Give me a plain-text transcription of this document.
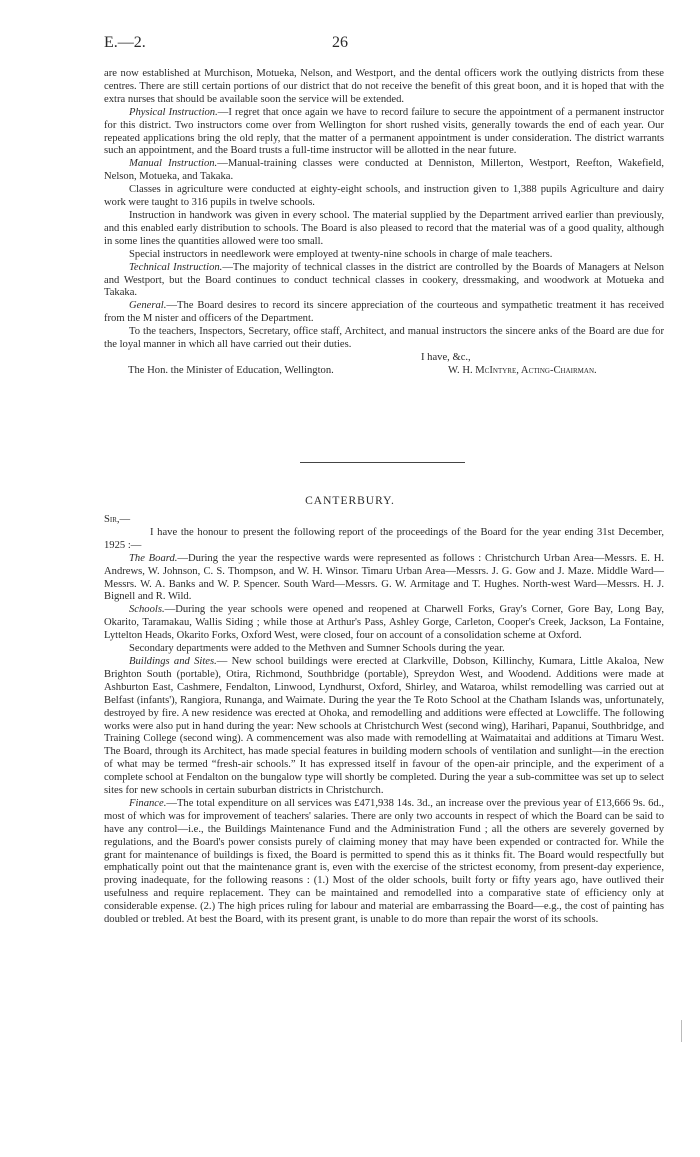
E.—2.	26

are now established at Murchison, Motueka, Nelson, and Westport, and the dental officers work the outlying districts from these centres. There are still certain portions of our district that do not receive the benefit of this great boon, and it is hoped that with the extra nurses that should be available soon the service will be extended.

Physical Instruction.—I regret that once again we have to record failure to secure the appointment of a permanent instructor for this district. Two instructors come over from Wellington for short rushed visits, generally towards the end of each year. Our repeated applications bring the old reply, that the matter of a permanent appointment is under consideration. The district warrants such an appointment, and the Board trusts a full-time instructor will be allotted in the near future.

Manual Instruction.—Manual-training classes were conducted at Denniston, Millerton, Westport, Reefton, Wakefield, Nelson, Motueka, and Takaka.

Classes in agriculture were conducted at eighty-eight schools, and instruction given to 1,388 pupils Agriculture and dairy work were taught to 316 pupils in twelve schools.

Instruction in handwork was given in every school. The material supplied by the Department arrived earlier than previously, and this enabled early distribution to schools. The Board is also pleased to record that the material was of a good quality, although in some lines the quantities allowed were too small.

Special instructors in needlework were employed at twenty-nine schools in charge of male teachers.

Technical Instruction.—The majority of technical classes in the district are controlled by the Boards of Managers at Nelson and Westport, but the Board continues to conduct technical classes in cookery, dressmaking, and woodwork at Motueka and Takaka.

General.—The Board desires to record its sincere appreciation of the courteous and sympathetic treatment it has received from the M nister and officers of the Department.

To the teachers, Inspectors, Secretary, office staff, Architect, and manual instructors the sincere anks of the Board are due for the loyal manner in which all have carried out their duties.

I have, &c.,
The Hon. the Minister of Education, Wellington.	W. H. McIntyre, Acting-Chairman.
CANTERBURY.

Sir,—

I have the honour to present the following report of the proceedings of the Board for the year ending 31st December, 1925 :—

The Board.—During the year the respective wards were represented as follows : Christchurch Urban Area—Messrs. E. H. Andrews, W. Johnson, C. S. Thompson, and W. H. Winsor. Timaru Urban Area—Messrs. J. G. Gow and J. Maze. Middle Ward—Messrs. W. A. Banks and W. P. Spencer. South Ward—Messrs. G. W. Armitage and T. Hughes. North-west Ward—Messrs. H. J. Bignell and R. Wild.

Schools.—During the year schools were opened and reopened at Charwell Forks, Gray's Corner, Gore Bay, Long Bay, Okarito, Taramakau, Wallis Siding ; while those at Arthur's Pass, Ashley Gorge, Carleton, Cooper's Creek, Jackson, La Fontaine, Lyttelton Heads, Okarito Forks, Oxford West, were closed, four on account of a consolidation scheme at Oxford.

Secondary departments were added to the Methven and Sumner Schools during the year.

Buildings and Sites.— New school buildings were erected at Clarkville, Dobson, Killinchy, Kumara, Little Akaloa, New Brighton South (portable), Otira, Richmond, Southbridge (portable), Spreydon West, and Woodend. Additions were made at Ashburton East, Cashmere, Fendalton, Linwood, Lyndhurst, Oxford, Shirley, and Wataroa, whilst remodelling was carried out at Belfast (infants'), Rangiora, Runanga, and Waimate. During the year the Te Roto School at the Chatham Islands was, unfortunately, destroyed by fire. A new residence was erected at Ohoka, and remodelling and additions were effected at Lowcliffe. The following works were also put in hand during the year: New schools at Christchurch West (second wing), Harihari, Papanui, Southbridge, and Training College (second wing). A commencement was also made with remodelling at Waimataitai and additions at Timaru West. The Board, through its Architect, has made special features in building modern schools of ventilation and sunlight—in the erection of what may be termed “fresh-air schools.” It has expressed itself in favour of the open-air principle, and the experiment of a complete school at Fendalton on the bungalow type will shortly be completed. During the year a sub-committee was set up to select sites for new schools in certain suburban districts in Christchurch.

Finance.—The total expenditure on all services was £471,938 14s. 3d., an increase over the previous year of £13,666 9s. 6d., most of which was for improvement of teachers' salaries. There are only two accounts in respect of which the Board can be said to have any control—i.e., the Buildings Maintenance Fund and the Administration Fund ; all the others are severely governed by regulations, and the Board's power consists purely of claiming money that may have been expended or contracted for. While the grant for maintenance of buildings is fixed, the Board is permitted to spend this as it thinks fit. The Board would respectfully but emphatically point out that the maintenance grant is, even with the exercise of the strictest economy, from present-day experience, proving inadequate, for the following reasons : (1.) Most of the older schools, built forty or fifty years ago, have outlived their usefulness and require replacement. They can be maintained and remodelled into a comparative state of efficiency only at considerable expense. (2.) The high prices ruling for labour and material are embarrassing the Board—e.g., the cost of painting has doubled or trebled. At best the Board, with its present grant, is unable to do more than repair the worst of its schools.
